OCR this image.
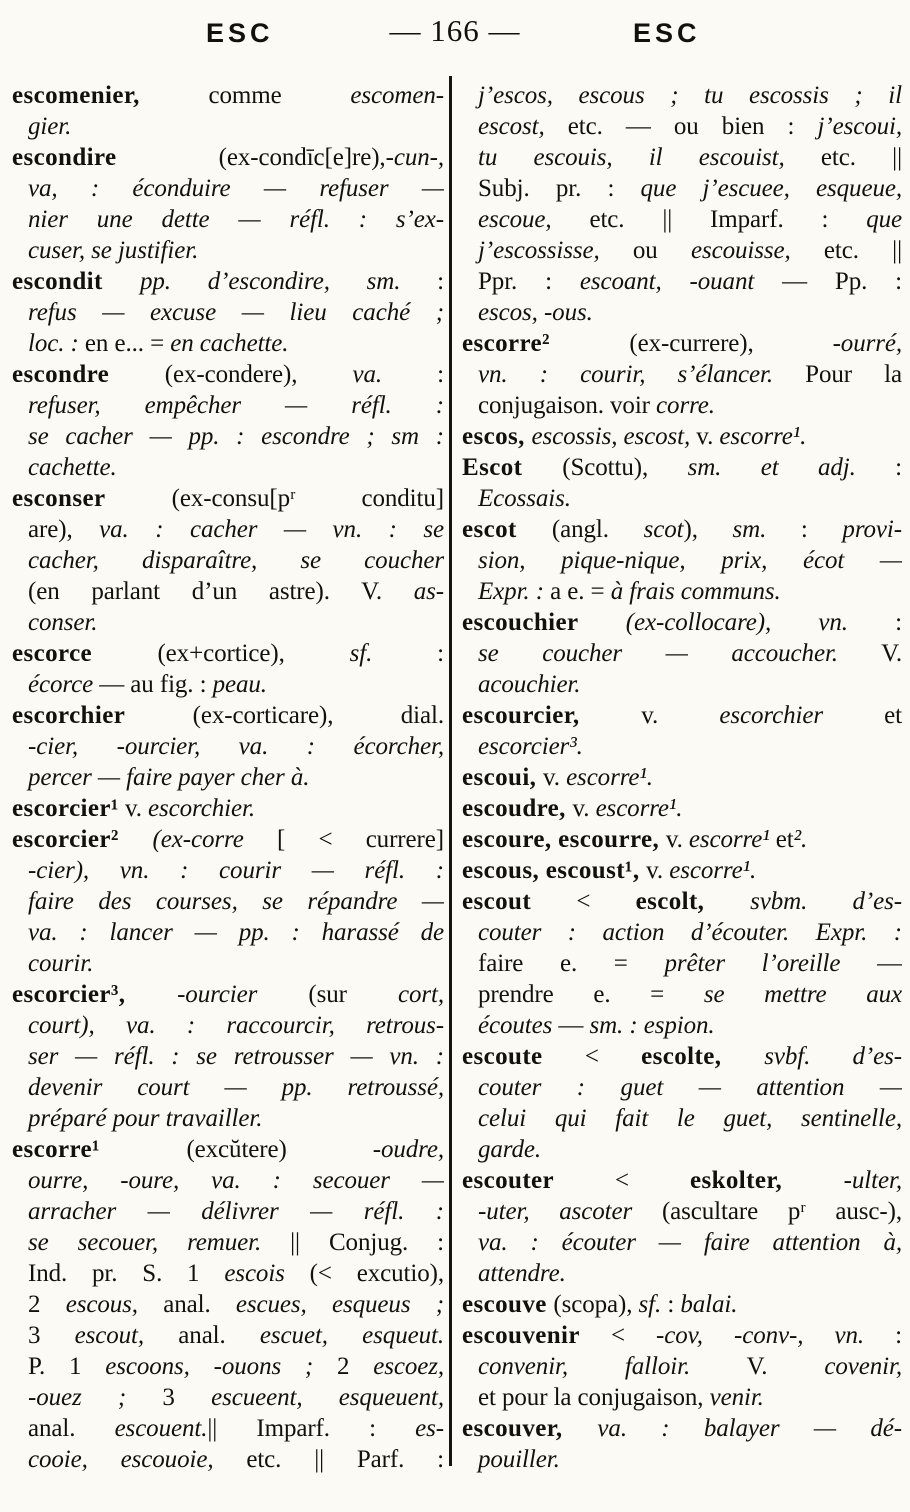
ESC	— 166 —	ESC
escomenier, comme escomen-
gier.
escondire (ex-condīc[e]re),-cun-,
va, : éconduire — refuser —
nier une dette — réfl. : s’ex-
cuser, se justifier.
escondit pp. d’escondire, sm. :
refus — excuse — lieu caché ;
loc. : en e... = en cachette.
escondre (ex-condere), va. :
refuser, empêcher — réfl. :
se cacher — pp. : escondre ; sm :
cachette.
esconser (ex-consu[pʳ conditu]
are), va. : cacher — vn. : se
cacher, disparaître, se coucher
(en parlant d’un astre). V. as-
conser.
escorce (ex+cortice), sf. :
écorce — au fig. : peau.
escorchier (ex-corticare), dial.
-cier, -ourcier, va. : écorcher,
percer — faire payer cher à.
escorcier¹ v. escorchier.
escorcier² (ex-corre [ < currere]
-cier), vn. : courir — réfl. :
faire des courses, se répandre —
va. : lancer — pp. : harassé de
courir.
escorcier³, -ourcier (sur cort,
court), va. : raccourcir, retrous-
ser — réfl. : se retrousser — vn. :
devenir court — pp. retroussé,
préparé pour travailler.
escorre¹ (excŭtere) -oudre,
ourre, -oure, va. : secouer —
arracher — délivrer — réfl. :
se secouer, remuer. || Conjug. :
Ind. pr. S. 1 escois (< excutio),
2 escous, anal. escues, esqueus ;
3 escout, anal. escuet, esqueut.
P. 1 escoons, -ouons ; 2 escoez,
-ouez ; 3 escueent, esqueuent,
anal. escouent.|| Imparf. : es-
cooie, escouoie, etc. || Parf. :
j’escos, escous ; tu escossis ; il
escost, etc. — ou bien : j’escoui,
tu escouis, il escouist, etc. ||
Subj. pr. : que j’escuee, esqueue,
escoue, etc. || Imparf. : que
j’escossisse, ou escouisse, etc. ||
Ppr. : escoant, -ouant — Pp. :
escos, -ous.
escorre² (ex-currere), -ourré,
vn. : courir, s’élancer. Pour la
conjugaison. voir corre.
escos, escossis, escost, v. escorre¹.
Escot (Scottu), sm. et adj. :
Ecossais.
escot (angl. scot), sm. : provi-
sion, pique-nique, prix, écot —
Expr. : a e. = à frais communs.
escouchier (ex-collocare), vn. :
se coucher — accoucher. V.
acouchier.
escourcier, v. escorchier et
escorcier³.
escoui, v. escorre¹.
escoudre, v. escorre¹.
escoure, escourre, v. escorre¹ et².
escous, escoust¹, v. escorre¹.
escout < escolt, svbm. d’es-
couter : action d’écouter. Expr. :
faire e. = prêter l’oreille —
prendre e. = se mettre aux
écoutes — sm. : espion.
escoute < escolte, svbf. d’es-
couter : guet — attention —
celui qui fait le guet, sentinelle,
garde.
escouter < eskolter, -ulter,
-uter, ascoter (ascultare pʳ ausc-),
va. : écouter — faire attention à,
attendre.
escouve (scopa), sf. : balai.
escouvenir < -cov, -conv-, vn. :
convenir, falloir. V. covenir,
et pour la conjugaison, venir.
escouver, va. : balayer — dé-
pouiller.
